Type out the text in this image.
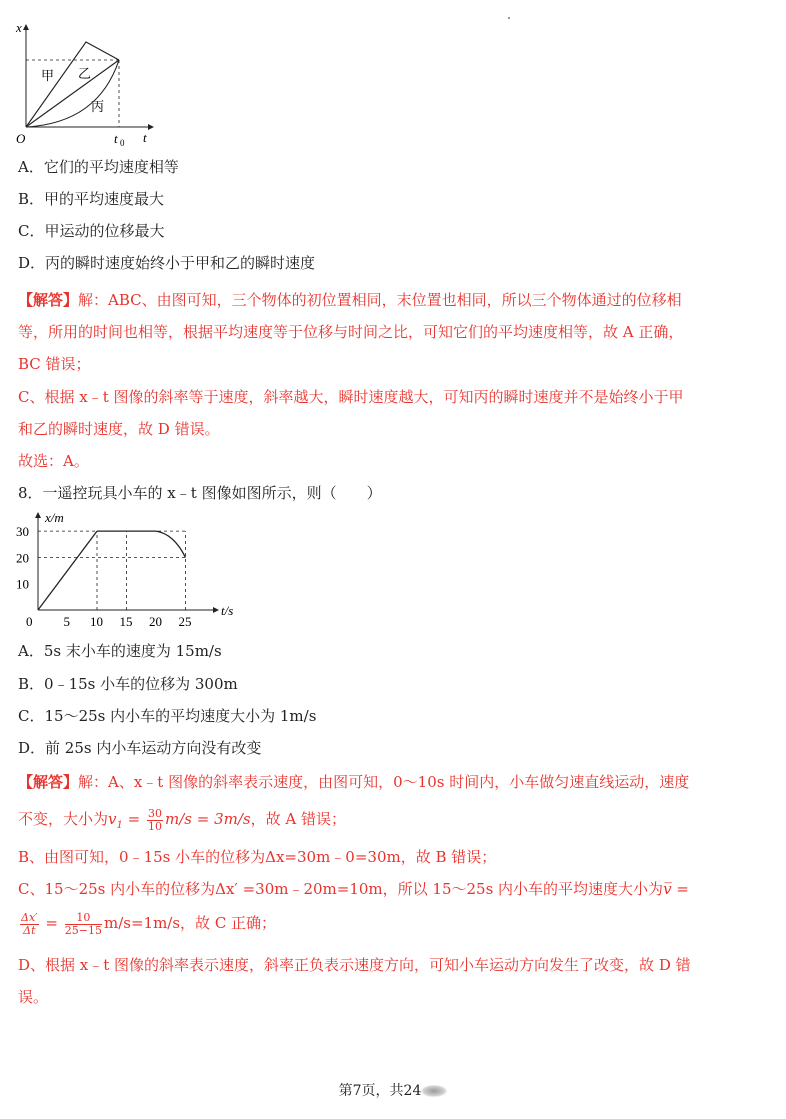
x
t
O	t 0
甲 乙
丙
A．它们的平均速度相等
B．甲的平均速度最大
C．甲运动的位移最大
D．丙的瞬时速度始终小于甲和乙的瞬时速度
【解答】解：ABC、由图可知，三个物体的初位置相同，末位置也相同，所以三个物体通过的位移相
等，所用的时间也相等，根据平均速度等于位移与时间之比，可知它们的平均速度相等，故 A 正确，
BC 错误；
C、根据 x﹣t 图像的斜率等于速度，斜率越大，瞬时速度越大，可知丙的瞬时速度并不是始终小于甲
和乙的瞬时速度，故 D 错误。
故选：A。
8．一遥控玩具小车的 x﹣t 图像如图所示，则（　　）
0 5 10 15 20 25
10
20
30
t/s
x/m
A．5s 末小车的速度为 15m/s
B．0﹣15s 小车的位移为 300m
C．15～25s 内小车的平均速度大小为 1m/s
D．前 25s 内小车运动方向没有改变
【解答】解：A、x﹣t 图像的斜率表示速度，由图可知，0～10s 时间内，小车做匀速直线运动，速度
不变，大小为$v_1 = \frac{30}{10} m/s = 3m/s$，故 A 错误；
B、由图可知，0﹣15s 小车的位移为Δx=30m﹣0=30m，故 B 错误；
C、15～25s 内小车的位移为Δx′ =30m﹣20m=10m，所以 15～25s 内小车的平均速度大小为v̅ =
$\frac{\Delta x'}{\Delta t} = \frac{10}{25-15} m/s=1m/s$，故 C 正确；
D、根据 x﹣t 图像的斜率表示速度，斜率正负表示速度方向，可知小车运动方向发生了改变，故 D 错
误。
第7页，共24
